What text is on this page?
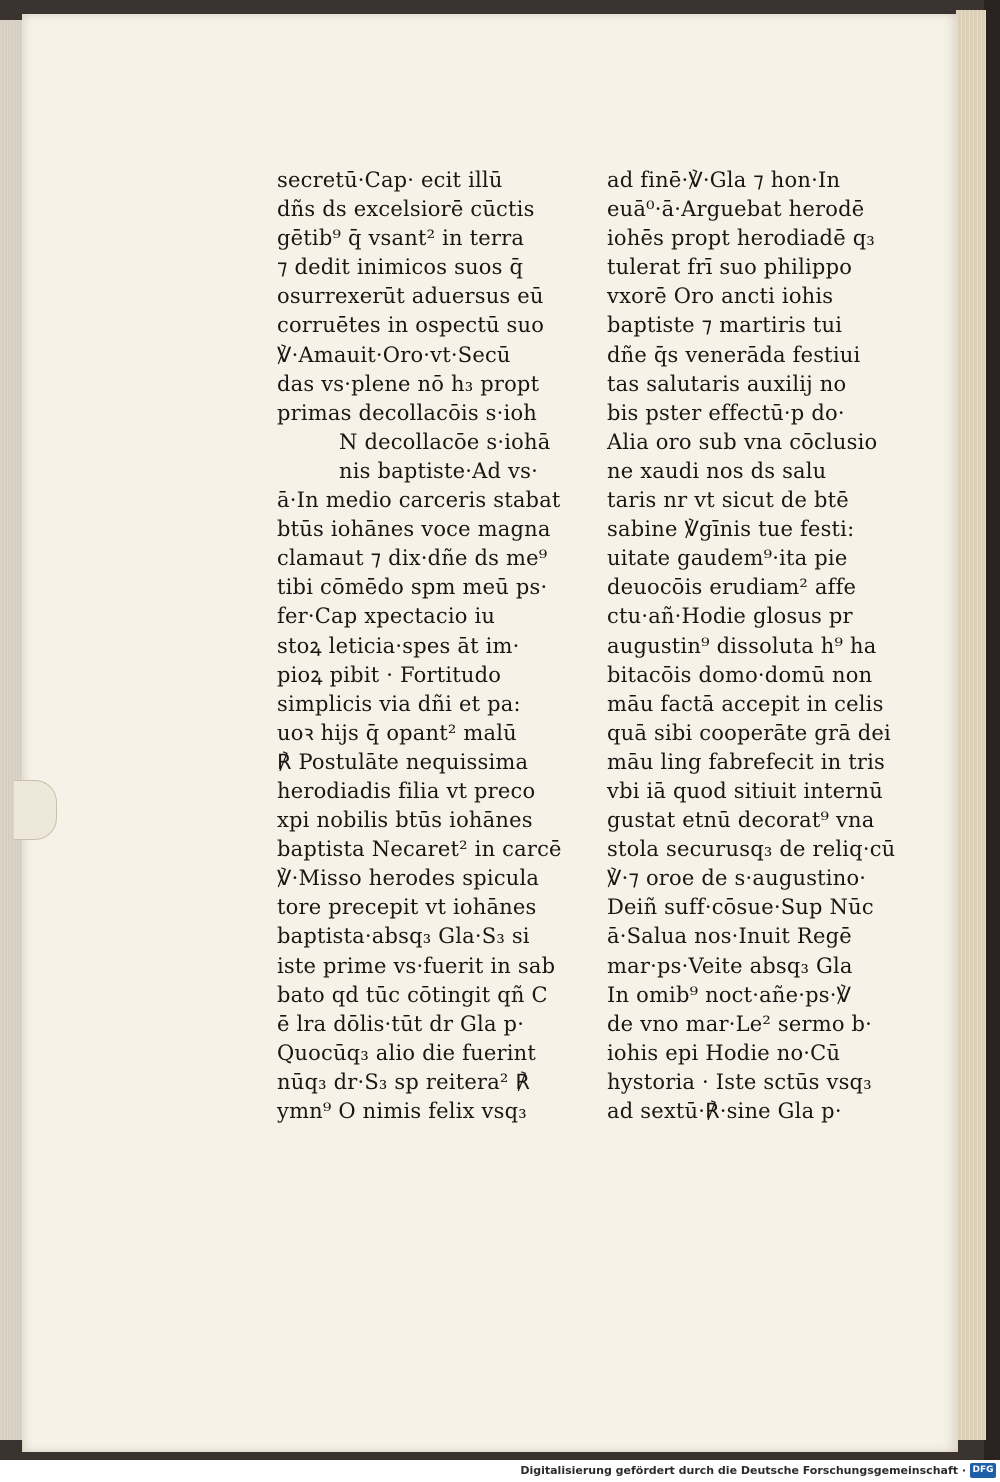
secretū·Cap· ecit illū
dñs ds excelsiorē cūctis
gētib⁹ q̄ vsant² in terra
⁊ dedit inimicos suos q̄
osurrexerūt aduersus eū
corruētes in ospectū suo
℣·Amauit·Oro·vt·Secū
das vs·plene nō h₃ propt
primas decollacōis s·ioh
N decollacōe s·iohā
nis baptiste·Ad vs·
ā·In medio carceris stabat
btūs iohānes voce magna
clamaut ⁊ dix·dñe ds me⁹
tibi cōmēdo spm meū ps·
fer·Cap xpectacio iu
stoꝝ leticia·spes āt im·
pioꝝ pibit · Fortitudo
simplicis via dñi et pa:
uoꝛ hijs q̄ opant² malū
℟ Postulāte nequissima
herodiadis filia vt preco
xpi nobilis btūs iohānes
baptista Necaret² in carcē
℣·Misso herodes spicula
tore precepit vt iohānes
baptista·absq₃ Gla·S₃ si
iste prime vs·fuerit in sab
bato qd tūc cōtingit qñ C
ē lra dōlis·tūt dr Gla p·
Quocūq₃ alio die fuerint
nūq₃ dr·S₃ sp reitera² ℟
ymn⁹ O nimis felix vsq₃
ad finē·℣·Gla ⁊ hon·In
euā⁰·ā·Arguebat herodē
iohēs propt herodiadē q₃
tulerat frī suo philippo
vxorē Oro ancti iohis
baptiste ⁊ martiris tui
dñe q̄s venerāda festiui
tas salutaris auxilij no
bis pster effectū·p do·
Alia oro sub vna cōclusio
ne xaudi nos ds salu
taris nr vt sicut de btē
sabine ℣gīnis tue festi:
uitate gaudem⁹·ita pie
deuocōis erudiam² affe
ctu·añ·Hodie glosus pr
augustin⁹ dissoluta h⁹ ha
bitacōis domo·domū non
māu factā accepit in celis
quā sibi cooperāte grā dei
māu ling fabrefecit in tris
vbi iā quod sitiuit internū
gustat etnū decorat⁹ vna
stola securusq₃ de reliq·cū
℣·⁊ oroe de s·augustino·
Deiñ suff·cōsue·Sup Nūc
ā·Salua nos·Inuit Regē
mar·ps·Veite absq₃ Gla
In omib⁹ noct·añe·ps·℣
de vno mar·Le² sermo b·
iohis epi Hodie no·Cū
hystoria · Iste sctūs vsq₃
ad sextū·℟·sine Gla p·
Digitalisierung gefördert durch die Deutsche Forschungsgemeinschaft · DFG
